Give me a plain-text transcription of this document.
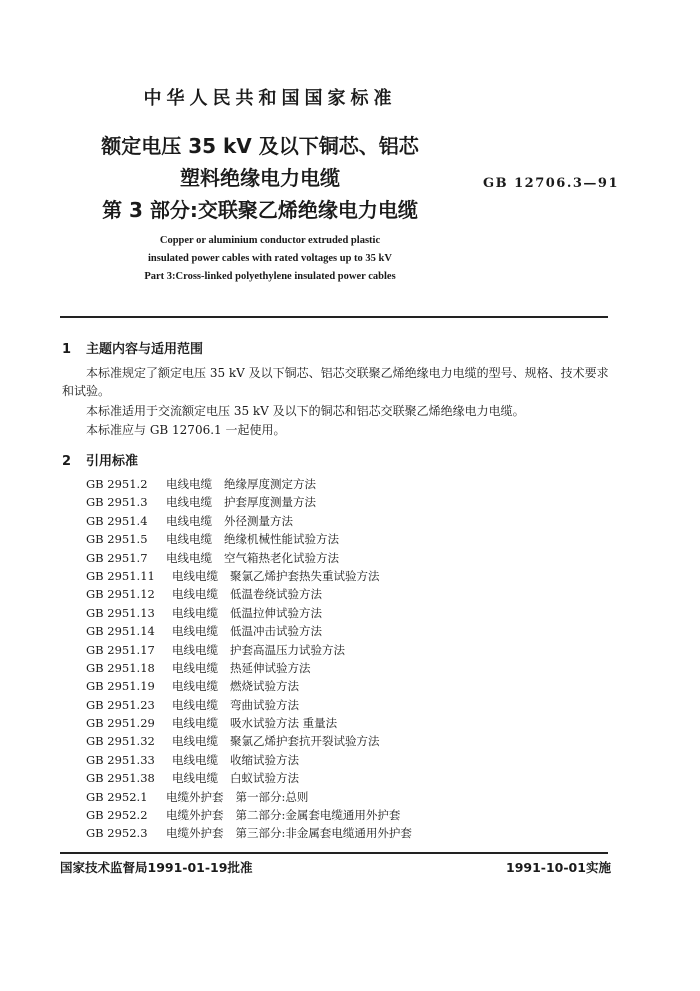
中华人民共和国国家标准
额定电压 35 kV 及以下铜芯、铝芯
塑料绝缘电力电缆
第 3 部分:交联聚乙烯绝缘电力电缆
GB 12706.3—91
Copper or aluminium conductor extruded plastic
insulated power cables with rated voltages up to 35 kV
Part 3:Cross-linked polyethylene insulated power cables
1 主题内容与适用范围
本标准规定了额定电压 35 kV 及以下铜芯、铝芯交联聚乙烯绝缘电力电缆的型号、规格、技术要求和试验。
本标准适用于交流额定电压 35 kV 及以下的铜芯和铝芯交联聚乙烯绝缘电力电缆。
本标准应与 GB 12706.1 一起使用。
2 引用标准
GB 2951.2 电线电缆 绝缘厚度测定方法
GB 2951.3 电线电缆 护套厚度测量方法
GB 2951.4 电线电缆 外径测量方法
GB 2951.5 电线电缆 绝缘机械性能试验方法
GB 2951.7 电线电缆 空气箱热老化试验方法
GB 2951.11 电线电缆 聚氯乙烯护套热失重试验方法
GB 2951.12 电线电缆 低温卷绕试验方法
GB 2951.13 电线电缆 低温拉伸试验方法
GB 2951.14 电线电缆 低温冲击试验方法
GB 2951.17 电线电缆 护套高温压力试验方法
GB 2951.18 电线电缆 热延伸试验方法
GB 2951.19 电线电缆 燃烧试验方法
GB 2951.23 电线电缆 弯曲试验方法
GB 2951.29 电线电缆 吸水试验方法 重量法
GB 2951.32 电线电缆 聚氯乙烯护套抗开裂试验方法
GB 2951.33 电线电缆 收缩试验方法
GB 2951.38 电线电缆 白蚁试验方法
GB 2952.1 电缆外护套 第一部分:总则
GB 2952.2 电缆外护套 第二部分:金属套电缆通用外护套
GB 2952.3 电缆外护套 第三部分:非金属套电缆通用外护套
国家技术监督局1991-01-19批准	1991-10-01实施
